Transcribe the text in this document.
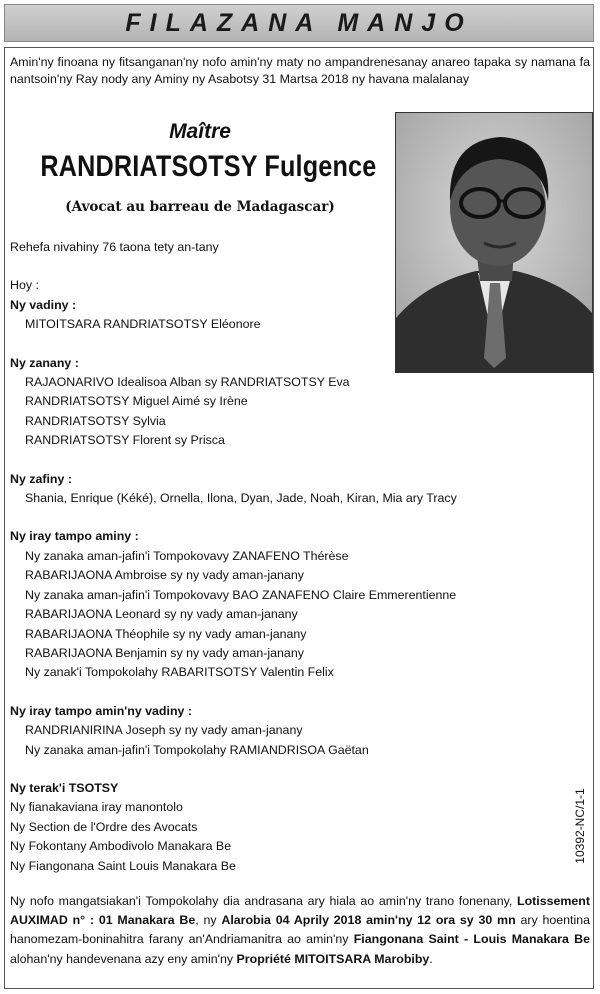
FILAZANA MANJO
Amin'ny finoana ny fitsanganan'ny nofo amin'ny maty no ampandrenesanay anareo tapaka sy namana fa nantsoin'ny Ray nody any Aminy ny Asabotsy 31 Martsa 2018 ny havana malalanay
Maître
RANDRIATSOTSY Fulgence
(Avocat au barreau de Madagascar)

Rehefa nivahiny 76 taona tety an-tany

Hoy :

Ny vadiny :

MITOITSARA RANDRIATSOTSY Eléonore

Ny zanany :

RAJAONARIVO Idealisoa Alban sy RANDRIATSOTSY Eva

RANDRIATSOTSY Miguel Aimé sy Irène

RANDRIATSOTSY Sylvia

RANDRIATSOTSY Florent sy Prisca

Ny zafiny :

Shania, Enrique (Kéké), Ornella, Ilona, Dyan, Jade, Noah, Kiran, Mia ary Tracy

Ny iray tampo aminy :

Ny zanaka aman-jafin'i Tompokovavy ZANAFENO Thérèse

RABARIJAONA Ambroise sy ny vady aman-janany

Ny zanaka aman-jafin'i Tompokovavy BAO ZANAFENO Claire Emmerentienne

RABARIJAONA Leonard sy ny vady aman-janany

RABARIJAONA Théophile sy ny vady aman-janany

RABARIJAONA Benjamin sy ny vady aman-janany

Ny zanak'i Tompokolahy RABARITSOTSY Valentin Felix

Ny iray tampo amin'ny vadiny :

RANDRIANIRINA Joseph sy ny vady aman-janany

Ny zanaka aman-jafin'i Tompokolahy RAMIANDRISOA Gaëtan

Ny terak'i TSOTSY

Ny fianakaviana iray manontolo

Ny Section de l'Ordre des Avocats

Ny Fokontany Ambodivolo Manakara Be

Ny Fiangonana Saint Louis Manakara Be

10392-NC/1-1
Ny nofo mangatsiakan'i Tompokolahy dia andrasana ary hiala ao amin'ny trano fonenany, Lotissement AUXIMAD n° : 01 Manakara Be, ny Alarobia 04 Aprily 2018 amin'ny 12 ora sy 30 mn ary hoentina hanomezam-boninahitra farany an'Andriamanitra ao amin'ny Fiangonana Saint - Louis Manakara Be alohan'ny handevenana azy eny amin'ny Propriété MITOITSARA Marobiby.
